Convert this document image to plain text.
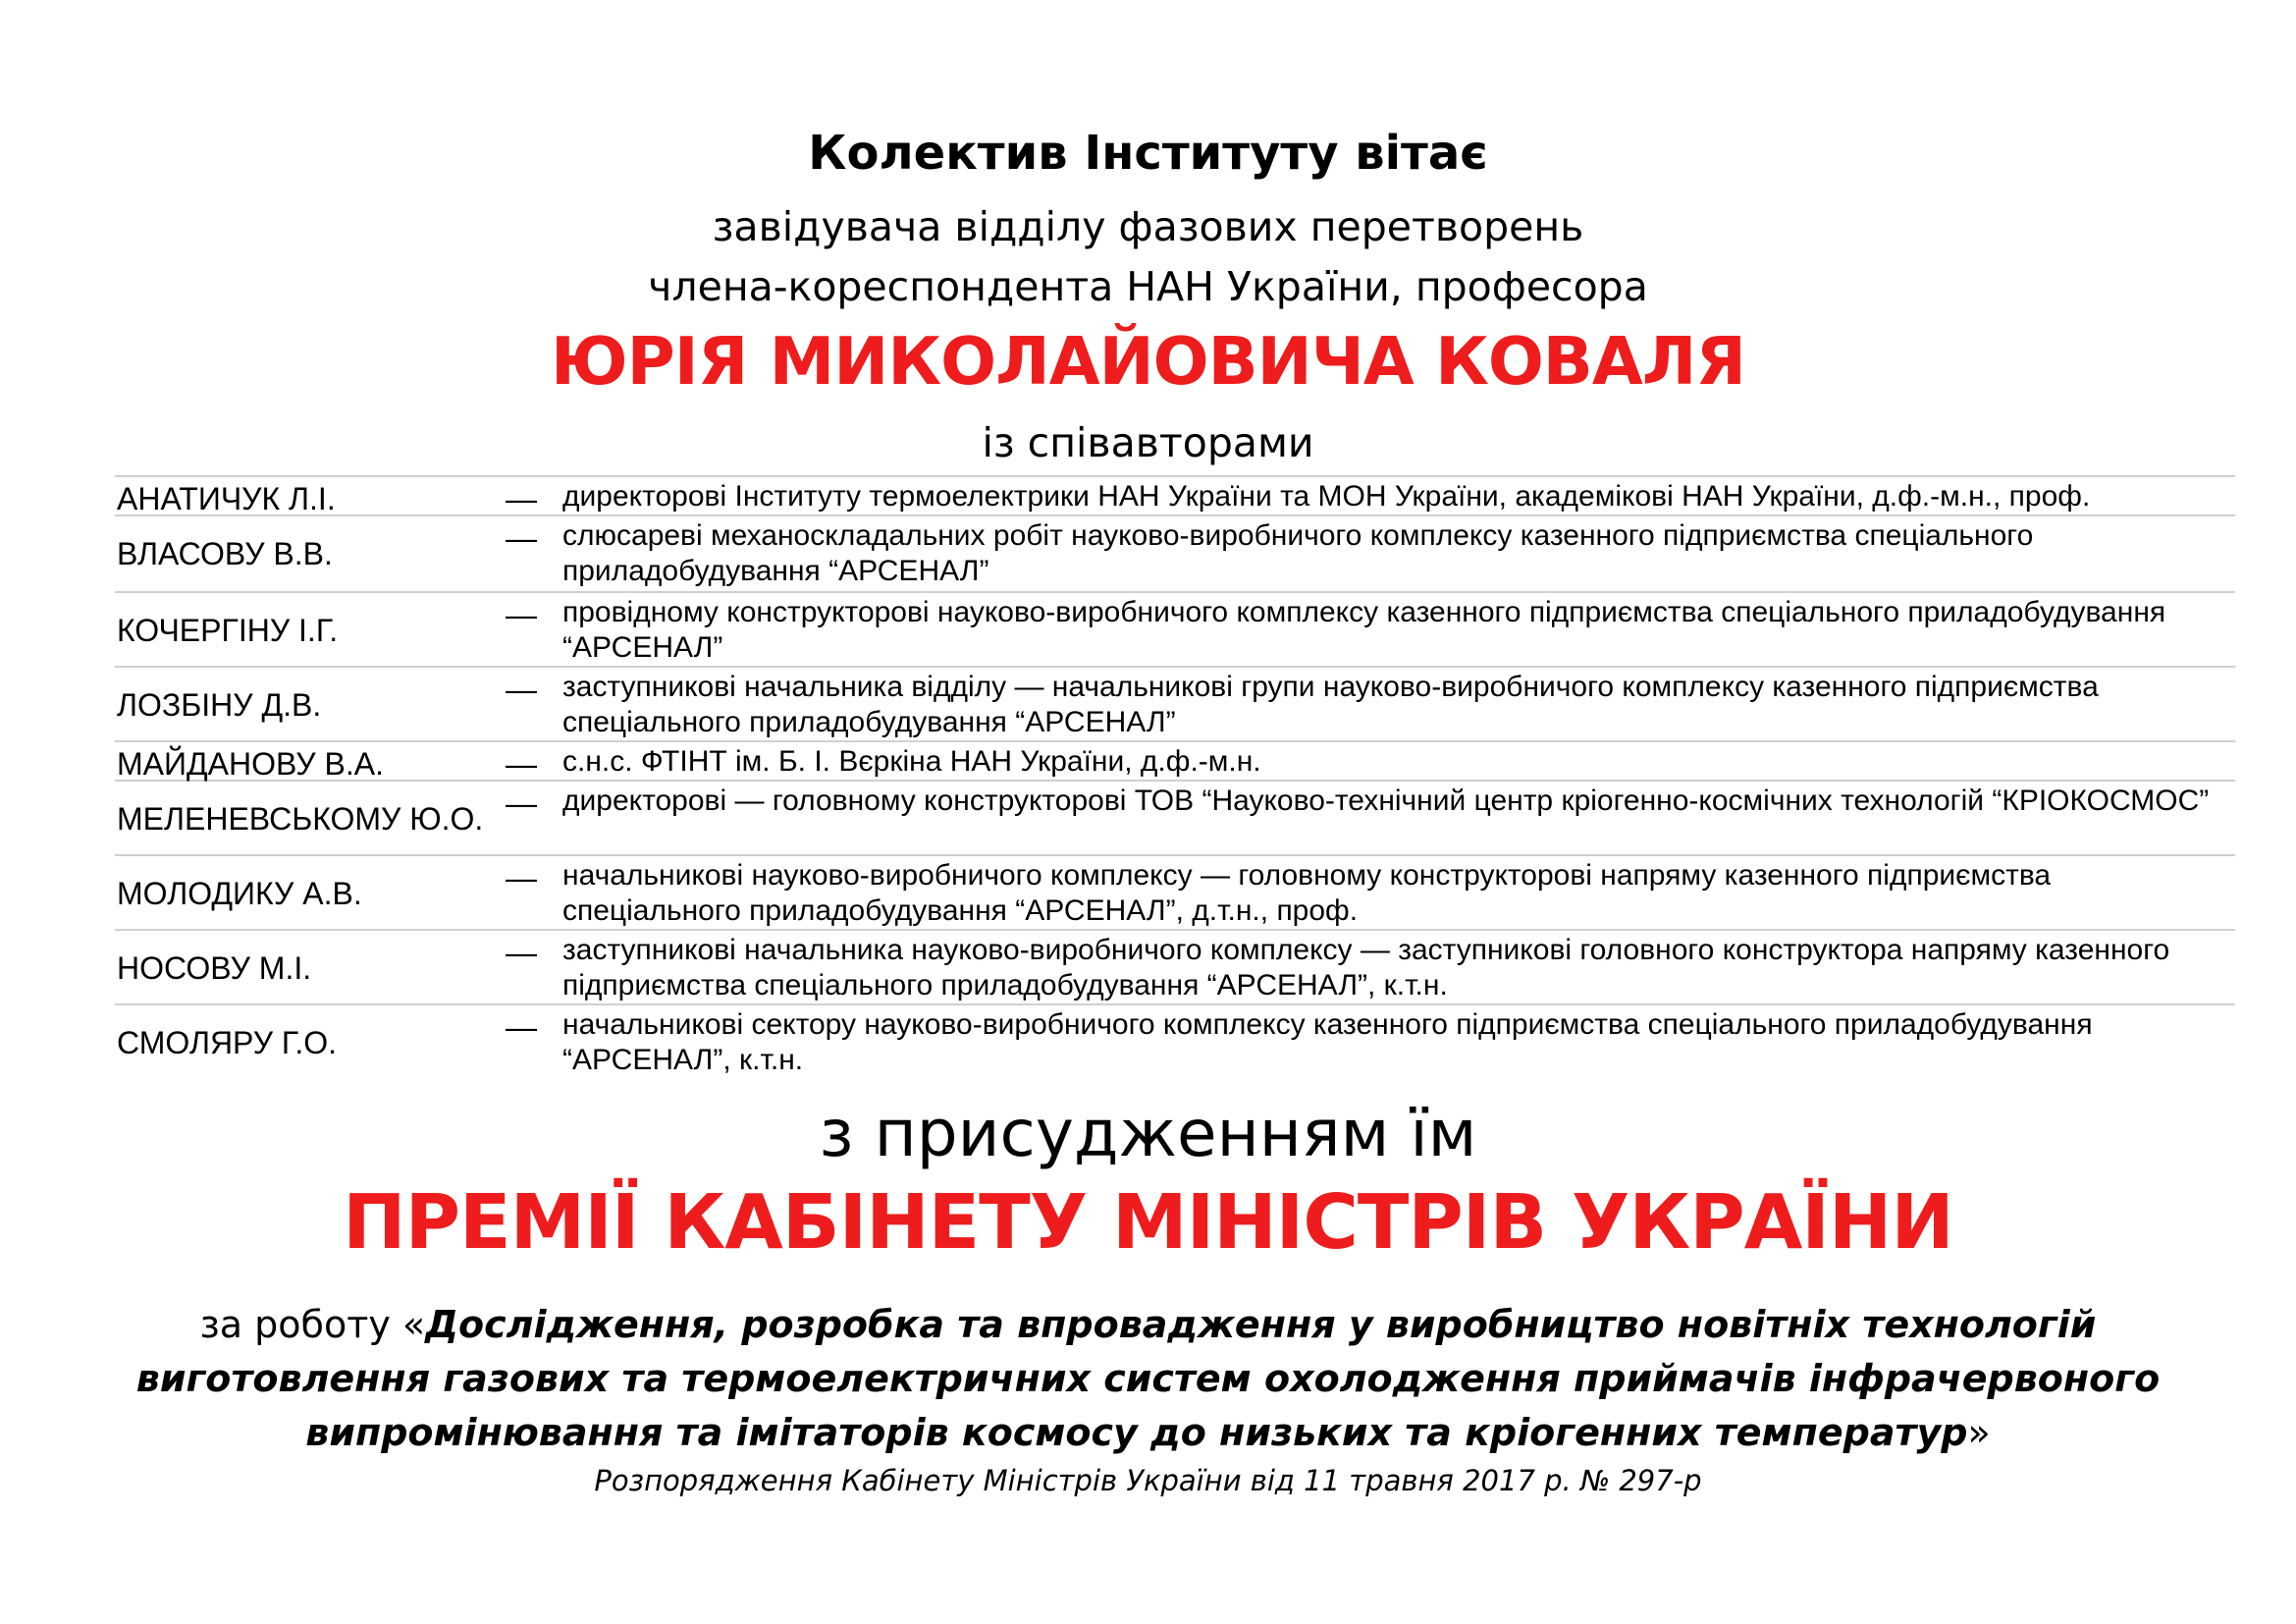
Колектив Інституту вітає
завідувача відділу фазових перетворень
члена-кореспондента НАН України, професора
ЮРІЯ МИКОЛАЙОВИЧА КОВАЛЯ
із співавторами
АНАТИЧУК Л.І.	— директорові Інституту термоелектрики НАН України та МОН України, академікові НАН України, д.ф.-м.н., проф.
ВЛАСОВУ В.В.	— слюсареві механоскладальних робіт науково-виробничого комплексу казенного підприємства спеціального приладобудування “АРСЕНАЛ”
КОЧЕРГІНУ І.Г.	— провідному конструкторові науково-виробничого комплексу казенного підприємства спеціального приладобудування “АРСЕНАЛ”
ЛОЗБІНУ Д.В.	— заступникові начальника відділу — начальникові групи науково-виробничого комплексу казенного підприємства спеціального приладобудування “АРСЕНАЛ”
МАЙДАНОВУ В.А.	— с.н.с. ФТІНТ ім. Б. І. Вєркіна НАН України, д.ф.-м.н.
МЕЛЕНЕВСЬКОМУ Ю.О. — директорові — головному конструкторові ТОВ “Науково-технічний центр кріогенно-космічних технологій “КРІОКОСМОС”
МОЛОДИКУ А.В.	— начальникові науково-виробничого комплексу — головному конструкторові напряму казенного підприємства спеціального приладобудування “АРСЕНАЛ”, д.т.н., проф.
НОСОВУ М.І.	— заступникові начальника науково-виробничого комплексу — заступникові головного конструктора напряму казенного підприємства спеціального приладобудування “АРСЕНАЛ”, к.т.н.
СМОЛЯРУ Г.О.	— начальникові сектору науково-виробничого комплексу казенного підприємства спеціального приладобудування “АРСЕНАЛ”, к.т.н.
з присудженням їм
ПРЕМІЇ КАБІНЕТУ МІНІСТРІВ УКРАЇНИ
за роботу «Дослідження, розробка та впровадження у виробництво новітніх технологій виготовлення газових та термоелектричних систем охолодження приймачів інфрачервоного випромінювання та імітаторів космосу до низьких та кріогенних температур»
Розпорядження Кабінету Міністрів України від 11 травня 2017 р. № 297-р
